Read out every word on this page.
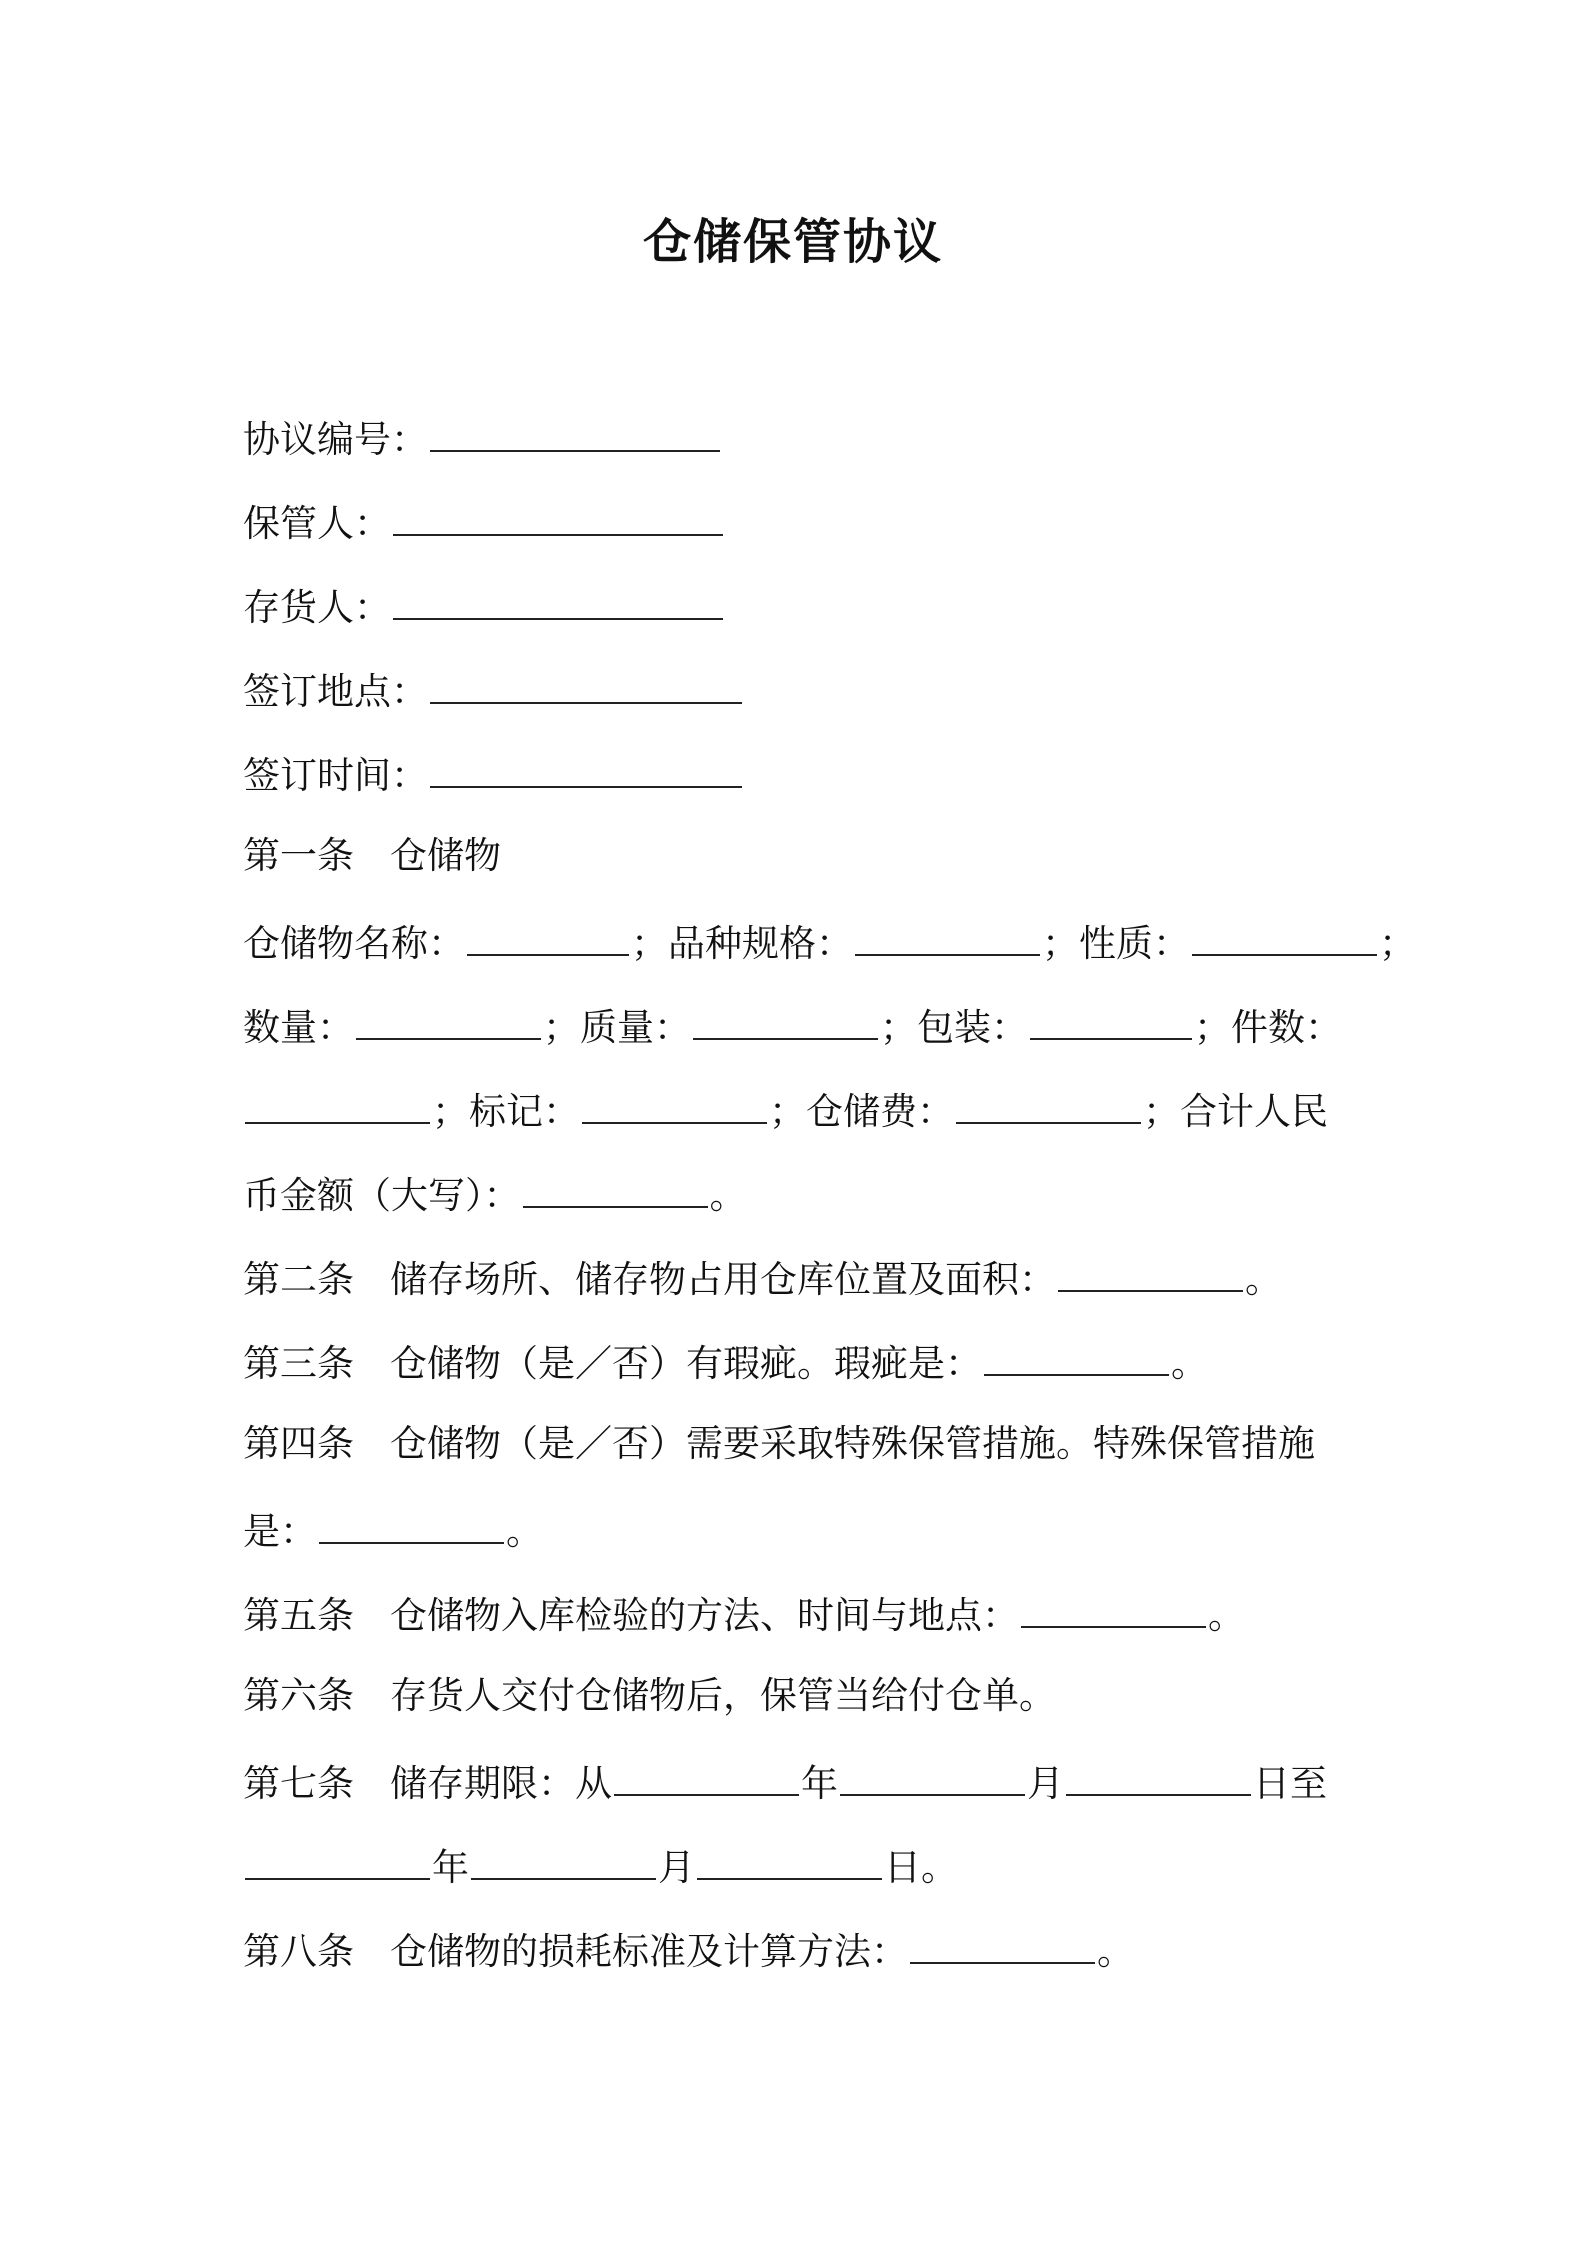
仓储保管协议
协议编号：
保管人：
存货人：
签订地点：
签订时间：
第一条 仓储物
仓储物名称：	；品种规格：	；性质：	；
数量：	；质量：	；包装：	；件数：
；标记：	；仓储费：	；合计人民
币金额（大写）：	。
第二条 储存场所、储存物占用仓库位置及面积：	。
第三条 仓储物（是／否）有瑕疵。瑕疵是：	。
第四条 仓储物（是／否）需要采取特殊保管措施。特殊保管措施
是：	。
第五条 仓储物入库检验的方法、时间与地点：	。
第六条 存货人交付仓储物后，保管当给付仓单。
第七条 储存期限：从	年	月	日至
年	月	日。
第八条 仓储物的损耗标准及计算方法：	。
